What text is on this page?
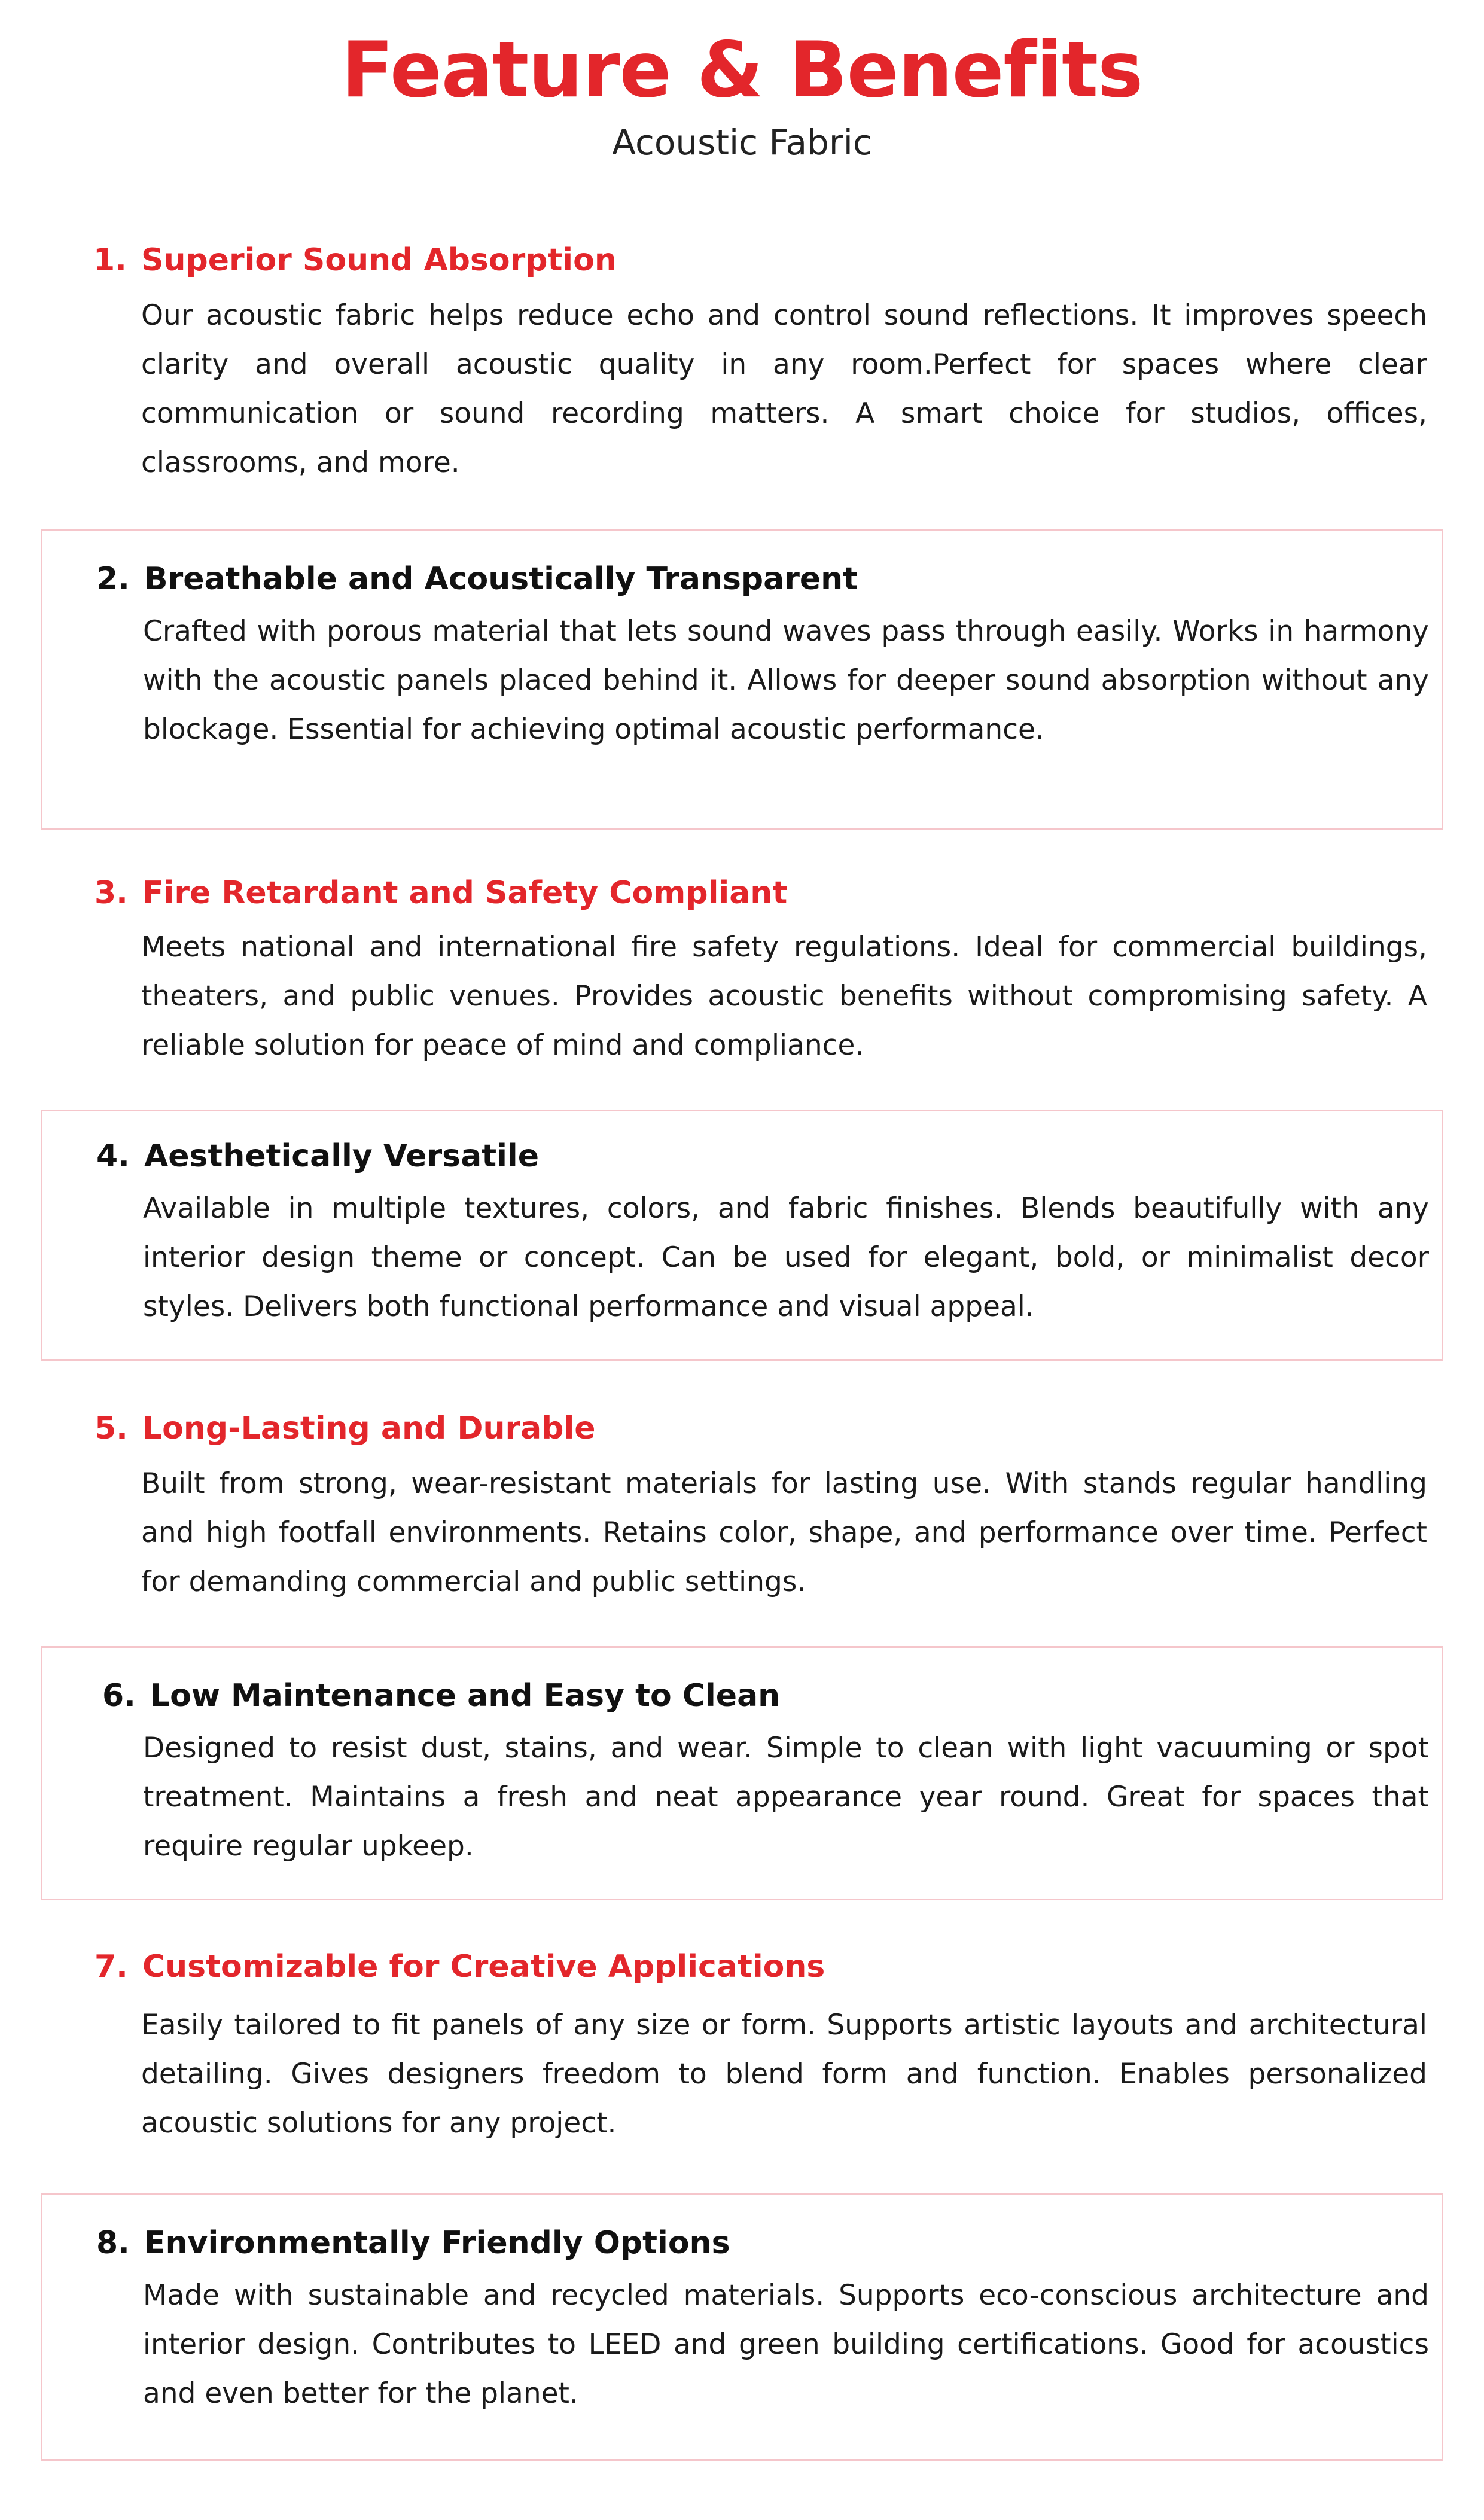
Feature & Benefits
Acoustic Fabric
1. Superior Sound Absorption

Our acoustic fabric helps reduce echo and control sound reflections. It improves speech clarity and overall acoustic quality in any room.Perfect for spaces where clear communication or sound recording matters. A smart choice for studios, offices, classrooms, and more.

2. Breathable and Acoustically Transparent

Crafted with porous material that lets sound waves pass through easily. Works in harmony with the acoustic panels placed behind it. Allows for deeper sound absorption without any blockage. Essential for achieving optimal acoustic performance.

3. Fire Retardant and Safety Compliant

Meets national and international fire safety regulations. Ideal for commercial buildings, theaters, and public venues. Provides acoustic benefits without compromising safety. A reliable solution for peace of mind and compliance.

4. Aesthetically Versatile

Available in multiple textures, colors, and fabric finishes. Blends beautifully with any interior design theme or concept. Can be used for elegant, bold, or minimalist decor styles. Delivers both functional performance and visual appeal.

5. Long-Lasting and Durable

Built from strong, wear-resistant materials for lasting use. With stands regular handling and high footfall environments. Retains color, shape, and performance over time. Perfect for demanding commercial and public settings.

6. Low Maintenance and Easy to Clean

Designed to resist dust, stains, and wear. Simple to clean with light vacuuming or spot treatment. Maintains a fresh and neat appearance year round. Great for spaces that require regular upkeep.

7. Customizable for Creative Applications

Easily tailored to fit panels of any size or form. Supports artistic layouts and architectural detailing. Gives designers freedom to blend form and function. Enables personalized acoustic solutions for any project.

8. Environmentally Friendly Options

Made with sustainable and recycled materials. Supports eco-conscious architecture and interior design. Contributes to LEED and green building certifications. Good for acoustics and even better for the planet.
